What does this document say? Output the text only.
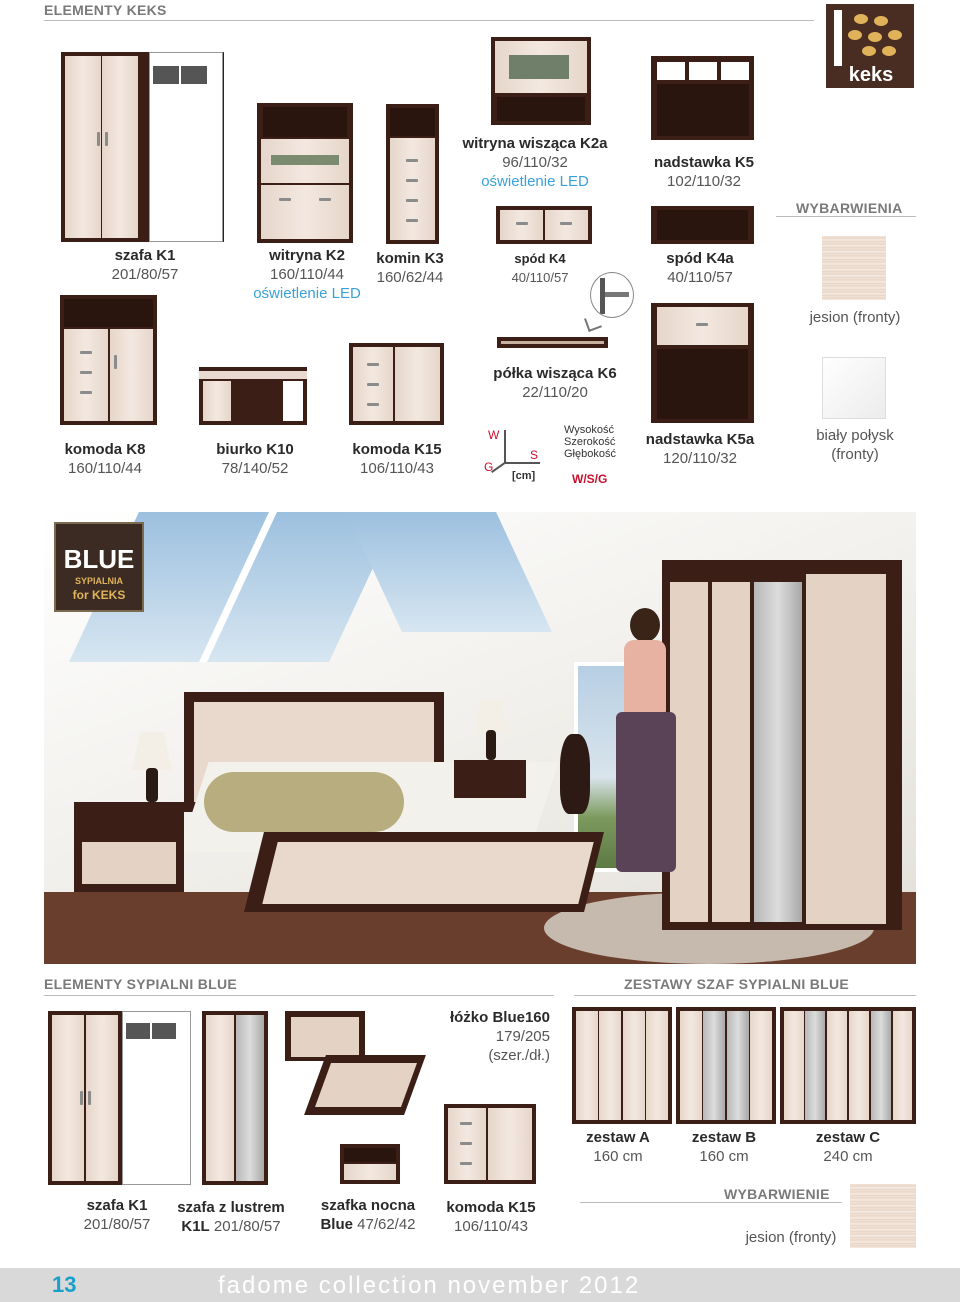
ELEMENTY KEKS
keks
szafa K1
201/80/57
witryna K2
160/110/44
oświetlenie LED
komin K3
160/62/44
witryna wisząca K2a
96/110/32
oświetlenie LED
nadstawka K5
102/110/32
spód K4
40/110/57
spód K4a
40/110/57
WYBARWIENIA
jesion (fronty)
biały połysk (fronty)
komoda K8
160/110/44
biurko K10
78/140/52
komoda K15
106/110/43
półka wisząca K6
22/110/20
nadstawka K5a
120/110/32
W
S
G
[cm]
Wysokość
Szerokość
Głębokość
W/S/G
BLUE
SYPIALNIA
for KEKS
ELEMENTY SYPIALNI BLUE	ZESTAWY SZAF SYPIALNI BLUE
łóżko Blue160
179/205
(szer./dł.)
zestaw A
160 cm
zestaw B
160 cm
zestaw C
240 cm
szafa K1
201/80/57
szafa z lustrem
K1L 201/80/57
szafka nocna
Blue 47/62/42
komoda K15
106/110/43
WYBARWIENIE
jesion (fronty)
13	fadome collection november 2012
